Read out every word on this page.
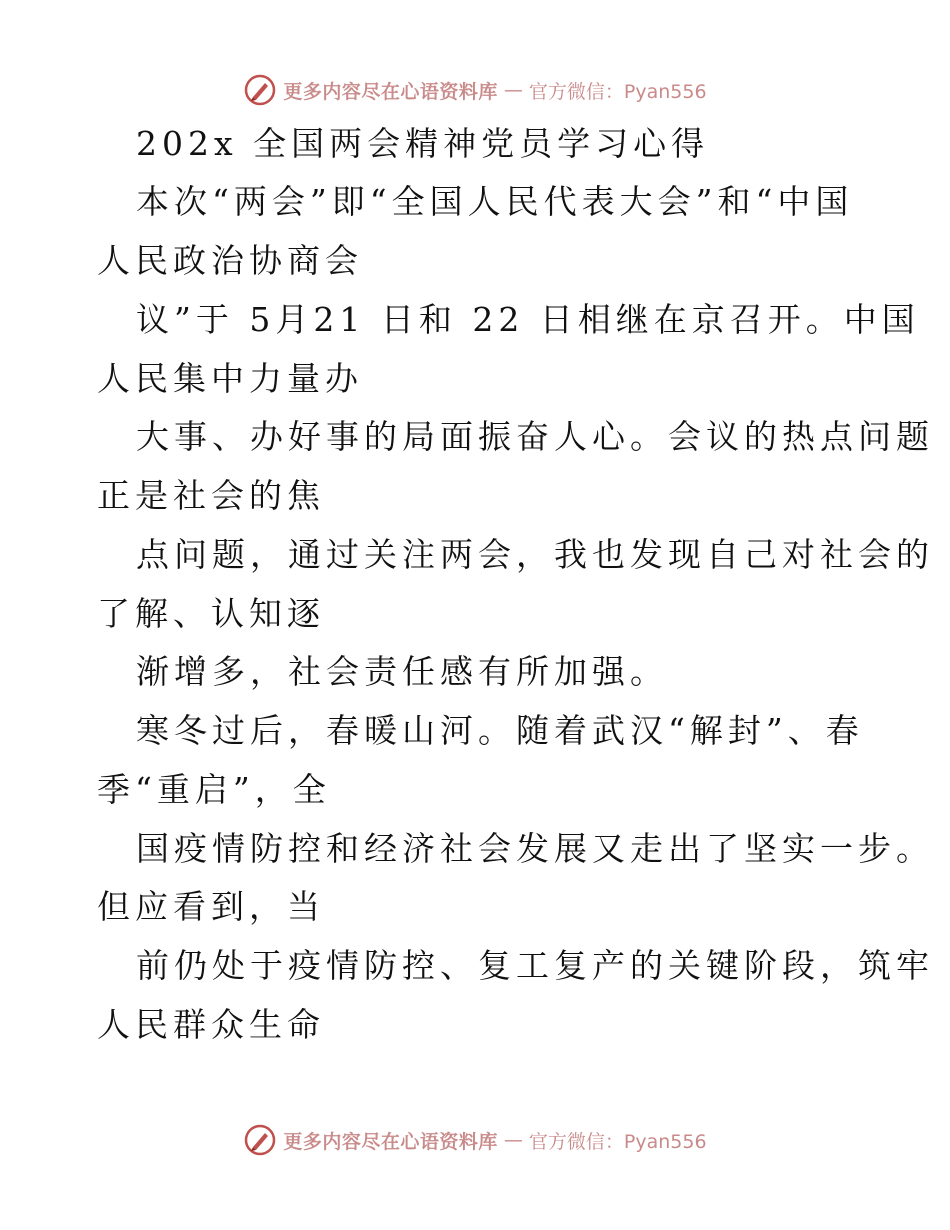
更多内容尽在心语资料库 — 官方微信：Pyan556
202x 全国两会精神党员学习心得
本次“两会”即“全国人民代表大会”和“中国
人民政治协商会
议”于 5月21 日和 22 日相继在京召开。中国
人民集中力量办
大事、办好事的局面振奋人心。会议的热点问题
正是社会的焦
点问题，通过关注两会，我也发现自己对社会的
了解、认知逐
渐增多，社会责任感有所加强。
寒冬过后，春暖山河。随着武汉“解封”、春
季“重启”，全
国疫情防控和经济社会发展又走出了坚实一步。
但应看到，当
前仍处于疫情防控、复工复产的关键阶段，筑牢
人民群众生命
更多内容尽在心语资料库 — 官方微信：Pyan556
